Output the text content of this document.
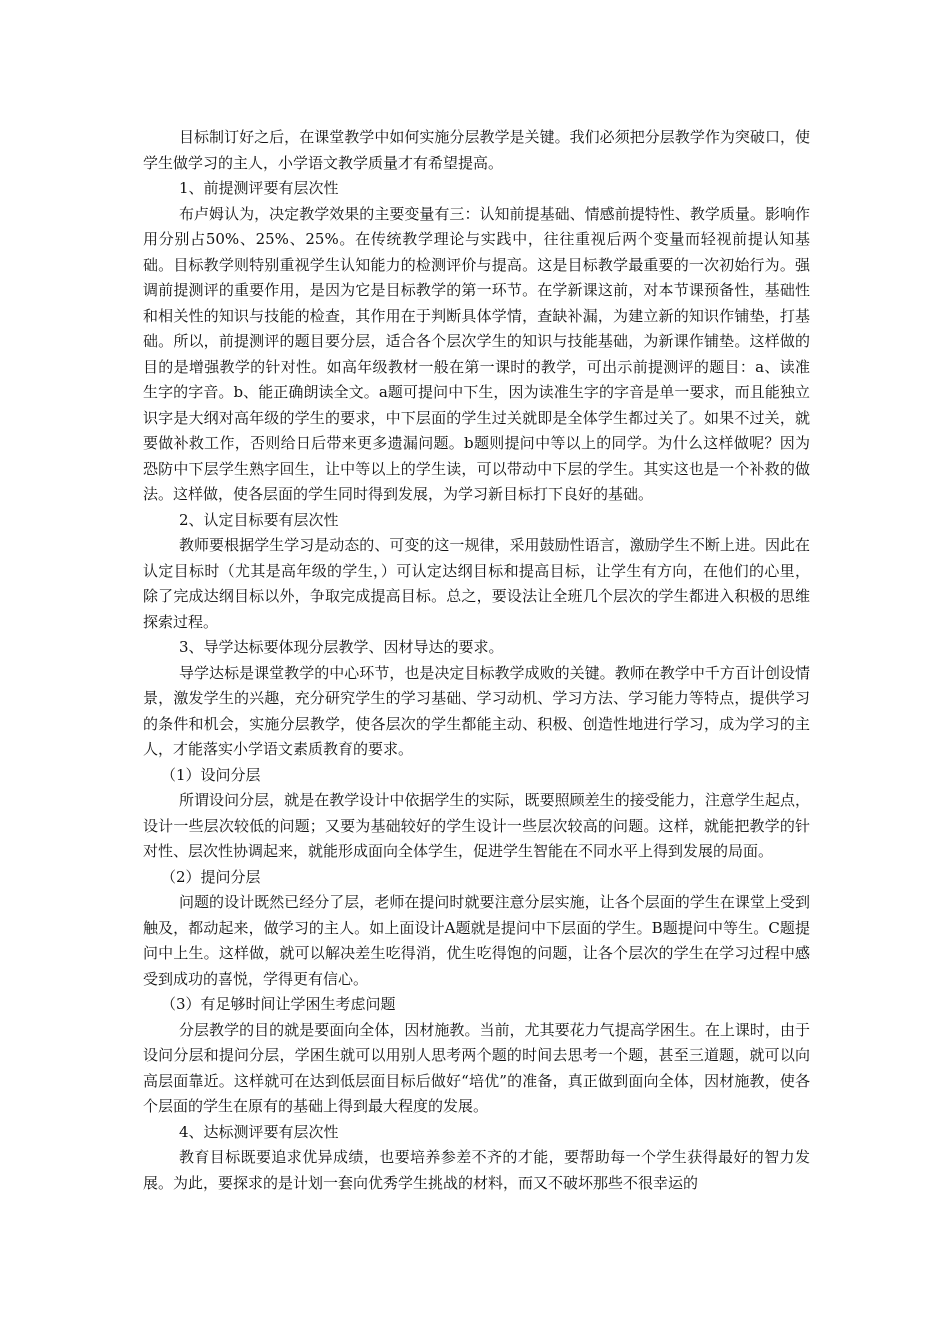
目标制订好之后，在课堂教学中如何实施分层教学是关键。我们必须把分层教学作为突破口，使学生做学习的主人，小学语文教学质量才有希望提高。

1、前提测评要有层次性

布卢姆认为，决定教学效果的主要变量有三：认知前提基础、情感前提特性、教学质量。影响作用分别占50%、25%、25%。在传统教学理论与实践中，往往重视后两个变量而轻视前提认知基础。目标教学则特别重视学生认知能力的检测评价与提高。这是目标教学最重要的一次初始行为。强调前提测评的重要作用，是因为它是目标教学的第一环节。在学新课这前，对本节课预备性，基础性和相关性的知识与技能的检查，其作用在于判断具体学情，查缺补漏，为建立新的知识作铺垫，打基础。所以，前提测评的题目要分层，适合各个层次学生的知识与技能基础，为新课作铺垫。这样做的目的是增强教学的针对性。如高年级教材一般在第一课时的教学，可出示前提测评的题目：a、读准生字的字音。b、能正确朗读全文。a题可提问中下生，因为读准生字的字音是单一要求，而且能独立识字是大纲对高年级的学生的要求，中下层面的学生过关就即是全体学生都过关了。如果不过关，就要做补救工作，否则给日后带来更多遗漏问题。b题则提问中等以上的同学。为什么这样做呢？因为恐防中下层学生熟字回生，让中等以上的学生读，可以带动中下层的学生。其实这也是一个补救的做法。这样做，使各层面的学生同时得到发展，为学习新目标打下良好的基础。

2、认定目标要有层次性

教师要根据学生学习是动态的、可变的这一规律，采用鼓励性语言，激励学生不断上进。因此在认定目标时（尤其是高年级的学生，）可认定达纲目标和提高目标，让学生有方向，在他们的心里，除了完成达纲目标以外，争取完成提高目标。总之，要设法让全班几个层次的学生都进入积极的思维探索过程。

3、导学达标要体现分层教学、因材导达的要求。

导学达标是课堂教学的中心环节，也是决定目标教学成败的关键。教师在教学中千方百计创设情景，激发学生的兴趣，充分研究学生的学习基础、学习动机、学习方法、学习能力等特点，提供学习的条件和机会，实施分层教学，使各层次的学生都能主动、积极、创造性地进行学习，成为学习的主人，才能落实小学语文素质教育的要求。

（1）设问分层

所谓设问分层，就是在教学设计中依据学生的实际，既要照顾差生的接受能力，注意学生起点，设计一些层次较低的问题；又要为基础较好的学生设计一些层次较高的问题。这样，就能把教学的针对性、层次性协调起来，就能形成面向全体学生，促进学生智能在不同水平上得到发展的局面。

（2）提问分层

问题的设计既然已经分了层，老师在提问时就要注意分层实施，让各个层面的学生在课堂上受到触及，都动起来，做学习的主人。如上面设计A题就是提问中下层面的学生。B题提问中等生。C题提问中上生。这样做，就可以解决差生吃得消，优生吃得饱的问题，让各个层次的学生在学习过程中感受到成功的喜悦，学得更有信心。

（3）有足够时间让学困生考虑问题

分层教学的目的就是要面向全体，因材施教。当前，尤其要花力气提高学困生。在上课时，由于设问分层和提问分层，学困生就可以用别人思考两个题的时间去思考一个题，甚至三道题，就可以向高层面靠近。这样就可在达到低层面目标后做好“培优”的准备，真正做到面向全体，因材施教，使各个层面的学生在原有的基础上得到最大程度的发展。

4、达标测评要有层次性

教育目标既要追求优异成绩，也要培养参差不齐的才能，要帮助每一个学生获得最好的智力发展。为此，要探求的是计划一套向优秀学生挑战的材料，而又不破坏那些不很幸运的
